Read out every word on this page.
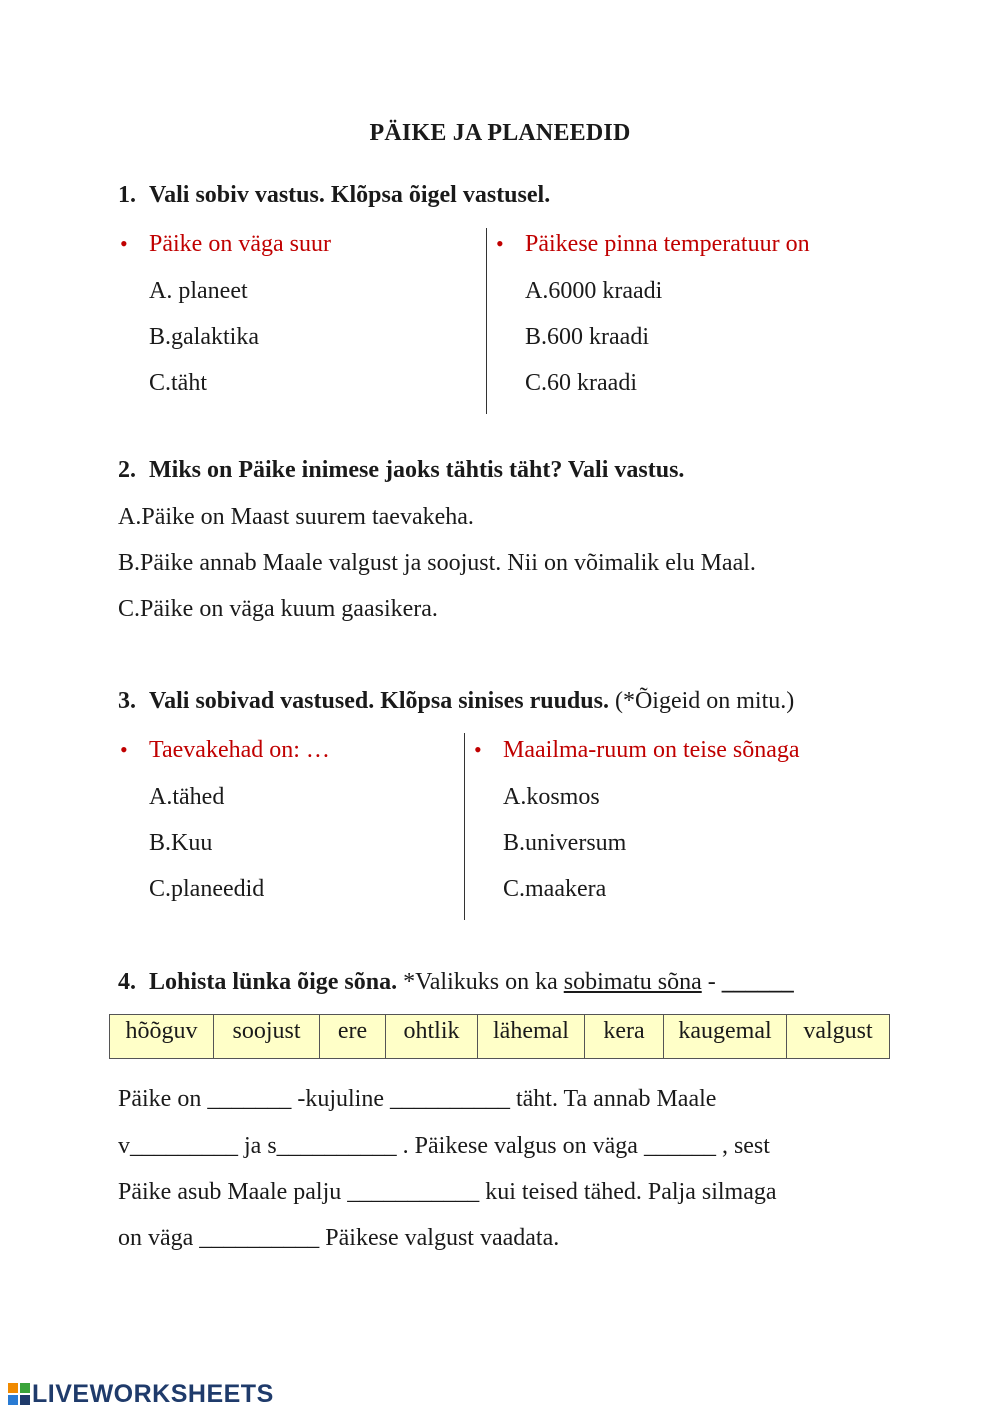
PÄIKE JA PLANEEDID
1. Vali sobiv vastus. Klõpsa õigel vastusel.
• Päike on väga suur
A. planeet
B.galaktika
C.täht
• Päikese pinna temperatuur on
A.6000 kraadi
B.600 kraadi
C.60 kraadi
2. Miks on Päike inimese jaoks tähtis täht? Vali vastus.
A.Päike on Maast suurem taevakeha.
B.Päike annab Maale valgust ja soojust. Nii on võimalik elu Maal.
C.Päike on väga kuum gaasikera.
3. Vali sobivad vastused. Klõpsa sinises ruudus. (*Õigeid on mitu.)
• Taevakehad on: …
A.tähed
B.Kuu
C.planeedid
• Maailma-ruum on teise sõnaga
A.kosmos
B.universum
C.maakera
4. Lohista lünka õige sõna. *Valikuks on ka sobimatu sõna - ______
hõõguv	soojust	ere	ohtlik	lähemal	kera	kaugemal	valgust
Päike on _______ -kujuline __________ täht. Ta annab Maale
v_________ ja s__________ . Päikese valgus on väga ______ , sest
Päike asub Maale palju ___________ kui teised tähed. Palja silmaga
on väga __________ Päikese valgust vaadata.
LIVEWORKSHEETS
